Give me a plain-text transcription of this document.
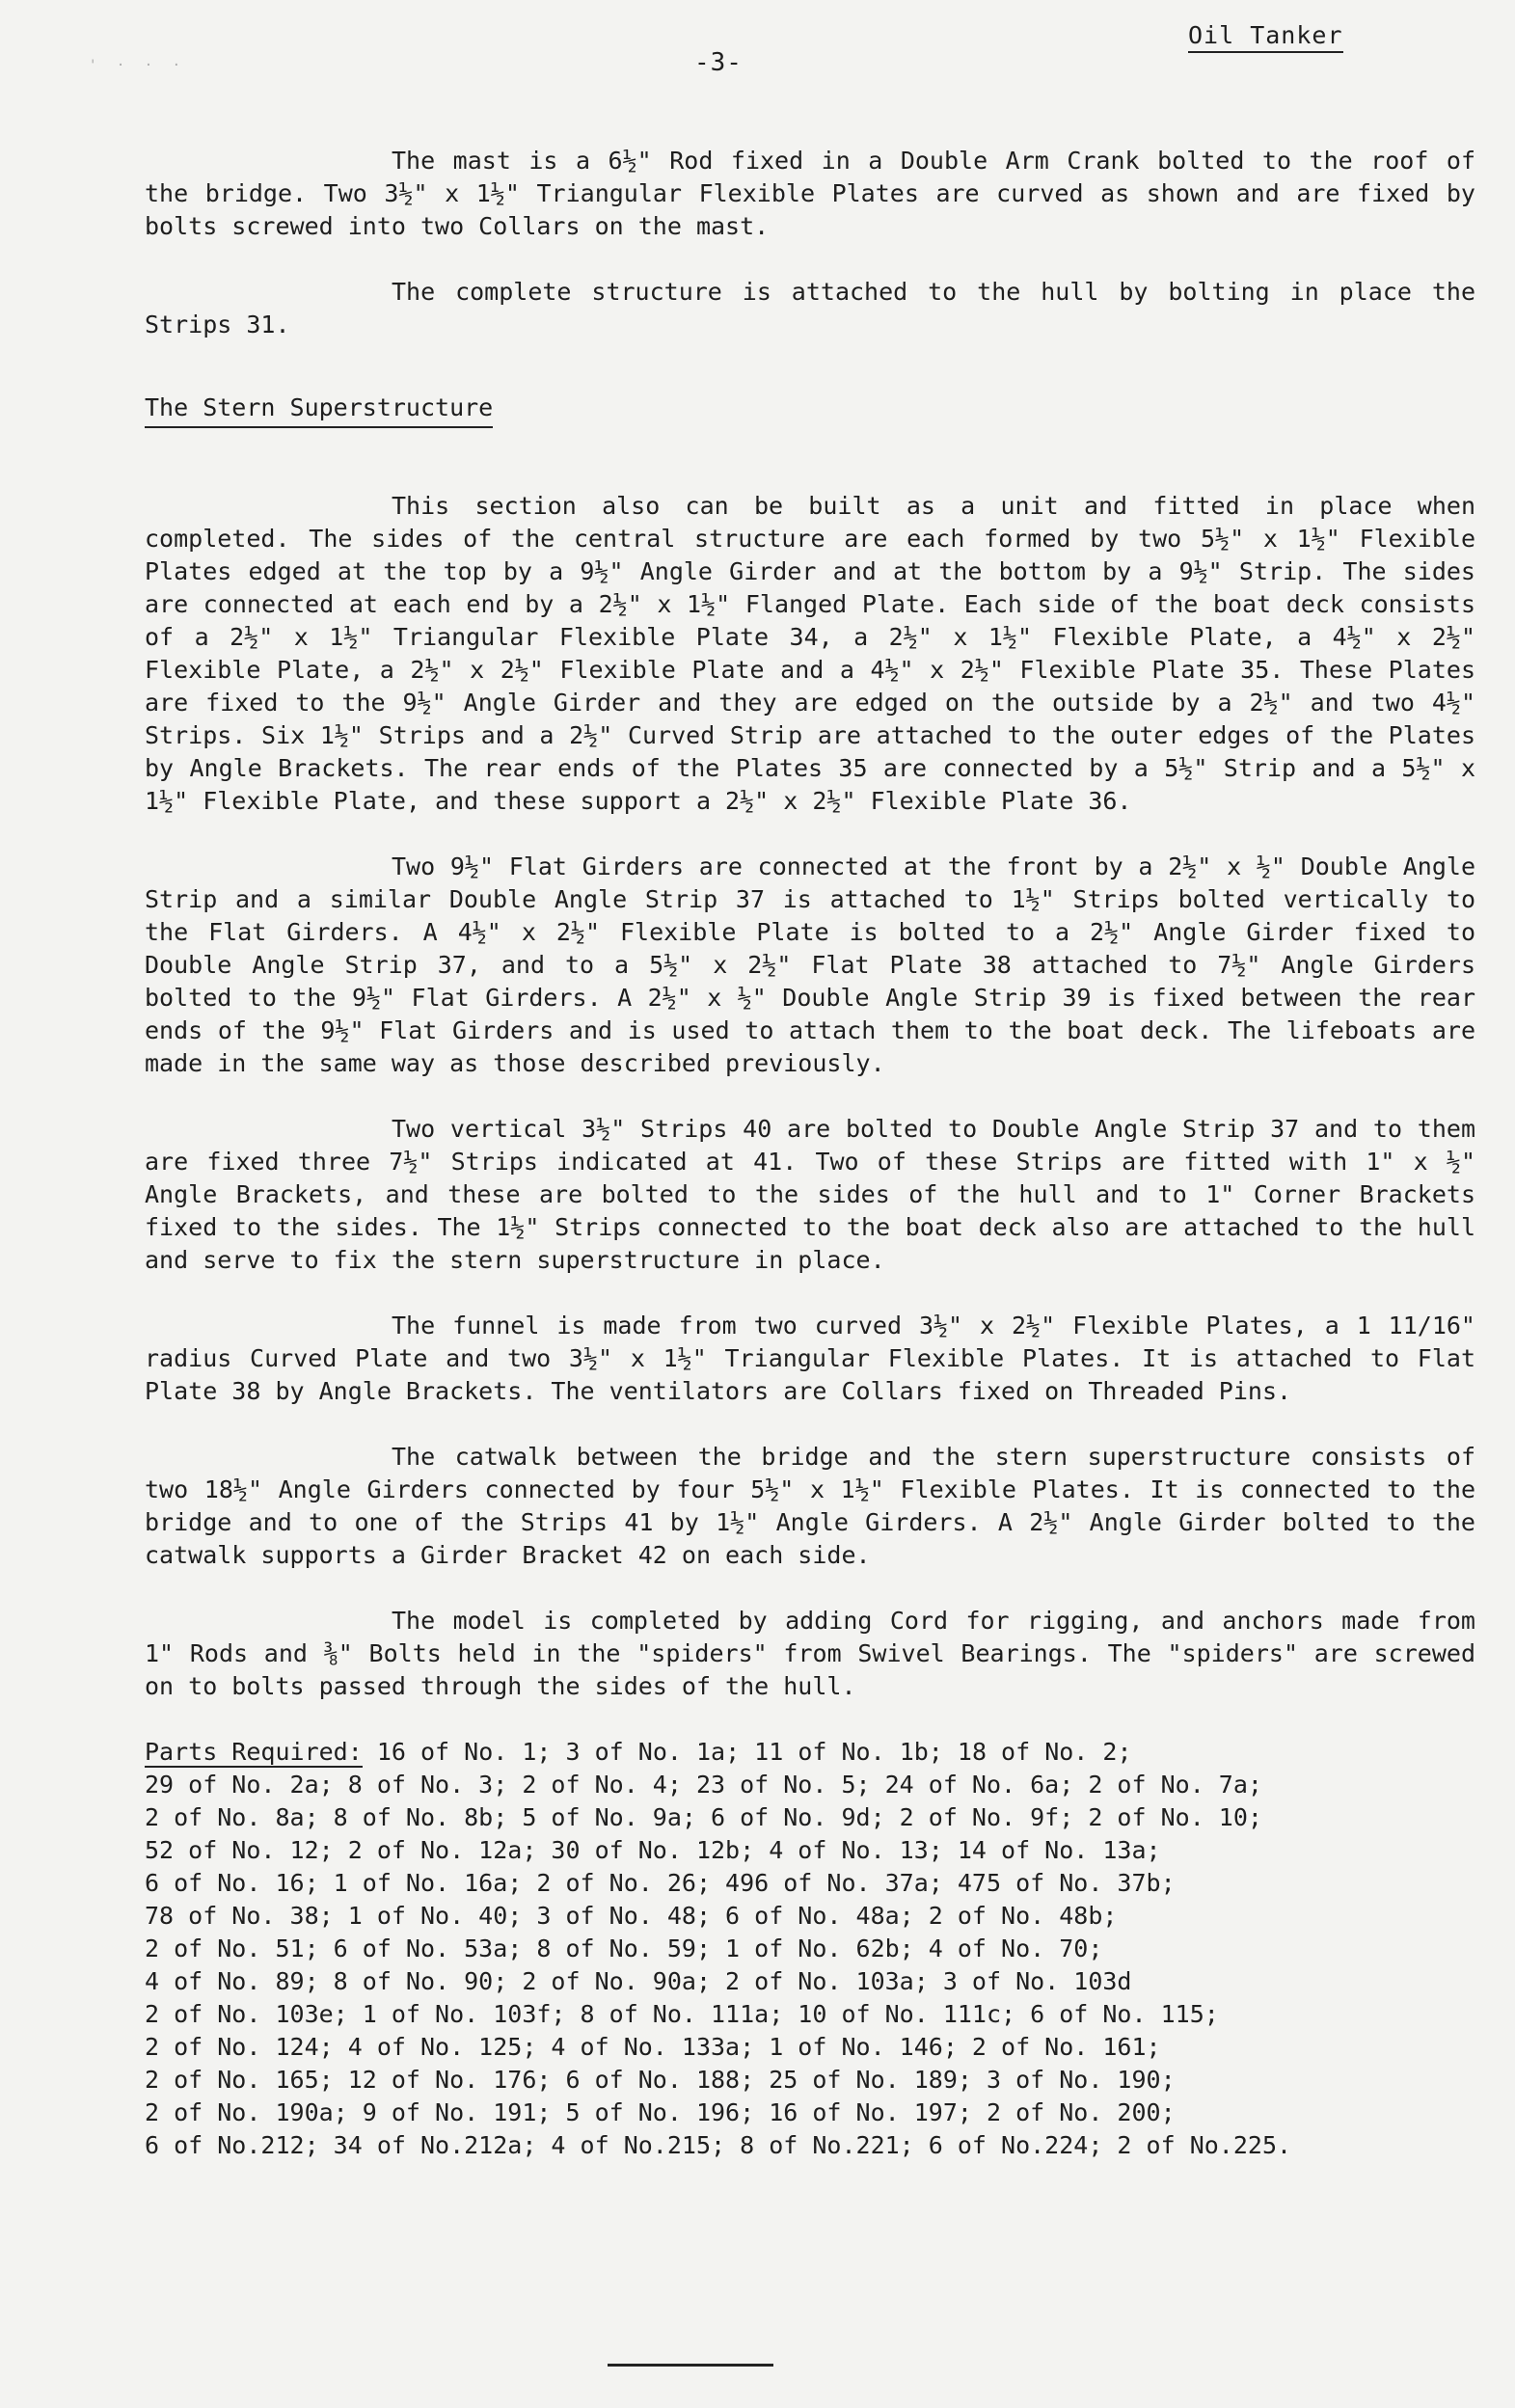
' · · ·
Oil Tanker
-3-

The mast is a 6½" Rod fixed in a Double Arm Crank bolted to the roof of the bridge. Two 3½" x 1½" Triangular Flexible Plates are curved as shown and are fixed by bolts screwed into two Collars on the mast.

The complete structure is attached to the hull by bolting in place the Strips 31.

The Stern Superstructure

This section also can be built as a unit and fitted in place when completed. The sides of the central structure are each formed by two 5½" x 1½" Flexible Plates edged at the top by a 9½" Angle Girder and at the bottom by a 9½" Strip. The sides are connected at each end by a 2½" x 1½" Flanged Plate. Each side of the boat deck consists of a 2½" x 1½" Triangular Flexible Plate 34, a 2½" x 1½" Flexible Plate, a 4½" x 2½" Flexible Plate, a 2½" x 2½" Flexible Plate and a 4½" x 2½" Flexible Plate 35. These Plates are fixed to the 9½" Angle Girder and they are edged on the outside by a 2½" and two 4½" Strips. Six 1½" Strips and a 2½" Curved Strip are attached to the outer edges of the Plates by Angle Brackets. The rear ends of the Plates 35 are connected by a 5½" Strip and a 5½" x 1½" Flexible Plate, and these support a 2½" x 2½" Flexible Plate 36.

Two 9½" Flat Girders are connected at the front by a 2½" x ½" Double Angle Strip and a similar Double Angle Strip 37 is attached to 1½" Strips bolted vertically to the Flat Girders. A 4½" x 2½" Flexible Plate is bolted to a 2½" Angle Girder fixed to Double Angle Strip 37, and to a 5½" x 2½" Flat Plate 38 attached to 7½" Angle Girders bolted to the 9½" Flat Girders. A 2½" x ½" Double Angle Strip 39 is fixed between the rear ends of the 9½" Flat Girders and is used to attach them to the boat deck. The lifeboats are made in the same way as those described previously.

Two vertical 3½" Strips 40 are bolted to Double Angle Strip 37 and to them are fixed three 7½" Strips indicated at 41. Two of these Strips are fitted with 1" x ½" Angle Brackets, and these are bolted to the sides of the hull and to 1" Corner Brackets fixed to the sides. The 1½" Strips connected to the boat deck also are attached to the hull and serve to fix the stern superstructure in place.

The funnel is made from two curved 3½" x 2½" Flexible Plates, a 1 11/16" radius Curved Plate and two 3½" x 1½" Triangular Flexible Plates. It is attached to Flat Plate 38 by Angle Brackets. The ventilators are Collars fixed on Threaded Pins.

The catwalk between the bridge and the stern superstructure consists of two 18½" Angle Girders connected by four 5½" x 1½" Flexible Plates. It is connected to the bridge and to one of the Strips 41 by 1½" Angle Girders. A 2½" Angle Girder bolted to the catwalk supports a Girder Bracket 42 on each side.

The model is completed by adding Cord for rigging, and anchors made from 1" Rods and ⅜" Bolts held in the "spiders" from Swivel Bearings. The "spiders" are screwed on to bolts passed through the sides of the hull.

Parts Required: 16 of No. 1; 3 of No. 1a; 11 of No. 1b; 18 of No. 2;
29 of No. 2a; 8 of No. 3; 2 of No. 4; 23 of No. 5; 24 of No. 6a; 2 of No. 7a;
2 of No. 8a; 8 of No. 8b; 5 of No. 9a; 6 of No. 9d; 2 of No. 9f; 2 of No. 10;
52 of No. 12; 2 of No. 12a; 30 of No. 12b; 4 of No. 13; 14 of No. 13a;
6 of No. 16; 1 of No. 16a; 2 of No. 26; 496 of No. 37a; 475 of No. 37b;
78 of No. 38; 1 of No. 40; 3 of No. 48; 6 of No. 48a; 2 of No. 48b;
2 of No. 51; 6 of No. 53a; 8 of No. 59; 1 of No. 62b; 4 of No. 70;
4 of No. 89; 8 of No. 90; 2 of No. 90a; 2 of No. 103a; 3 of No. 103d
2 of No. 103e; 1 of No. 103f; 8 of No. 111a; 10 of No. 111c; 6 of No. 115;
2 of No. 124; 4 of No. 125; 4 of No. 133a; 1 of No. 146; 2 of No. 161;
2 of No. 165; 12 of No. 176; 6 of No. 188; 25 of No. 189; 3 of No. 190;
2 of No. 190a; 9 of No. 191; 5 of No. 196; 16 of No. 197; 2 of No. 200;
6 of No.212; 34 of No.212a; 4 of No.215; 8 of No.221; 6 of No.224; 2 of No.225.
